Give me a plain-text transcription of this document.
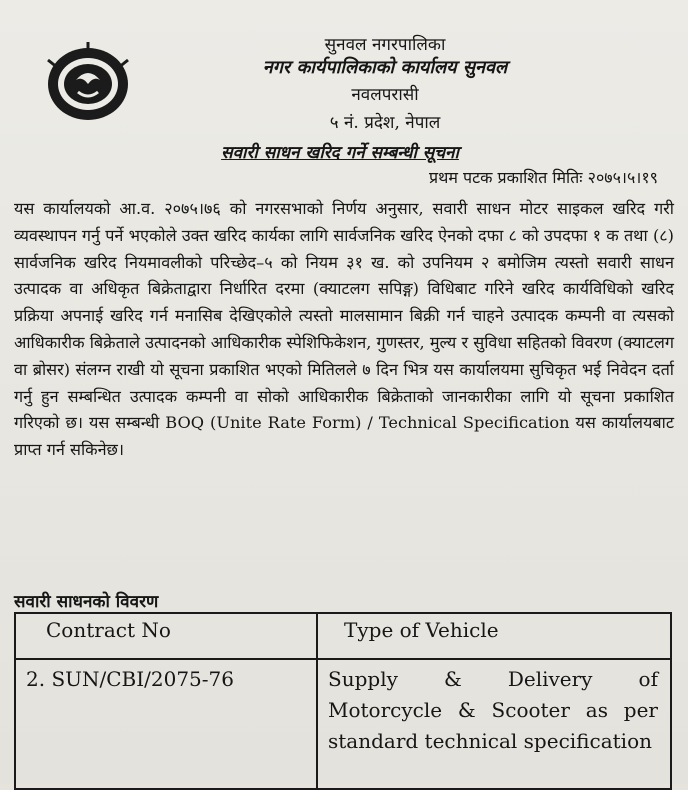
सुनवल नगरपालिका
नगर कार्यपालिकाको कार्यालय सुनवल
नवलपरासी
५ नं. प्रदेश, नेपाल
सवारी साधन खरिद गर्ने सम्बन्धी सूचना
प्रथम पटक प्रकाशित मितिः २०७५।५।१९
यस कार्यालयको आ.व. २०७५।७६ को नगरसभाको निर्णय अनुसार, सवारी साधन मोटर साइकल खरिद गरी व्यवस्थापन गर्नु पर्ने भएकोले उक्त खरिद कार्यका लागि सार्वजनिक खरिद ऐनको दफा ८ को उपदफा १ क तथा (८) सार्वजनिक खरिद नियमावलीको परिच्छेद–५ को नियम ३१ ख. को उपनियम २ बमोजिम त्यस्तो सवारी साधन उत्पादक वा अधिकृत बिक्रेताद्वारा निर्धारित दरमा (क्याटलग सपिङ्ग) विधिबाट गरिने खरिद कार्यविधिको खरिद प्रक्रिया अपनाई खरिद गर्न मनासिब देखिएकोले त्यस्तो मालसामान बिक्री गर्न चाहने उत्पादक कम्पनी वा त्यसको आधिकारीक बिक्रेताले उत्पादनको आधिकारीक स्पेशिफिकेशन, गुणस्तर, मुल्य र सुविधा सहितको विवरण (क्याटलग वा ब्रोसर) संलग्न राखी यो सूचना प्रकाशित भएको मितिलले ७ दिन भित्र यस कार्यालयमा सुचिकृत भई निवेदन दर्ता गर्नु हुन सम्बन्धित उत्पादक कम्पनी वा सोको आधिकारीक बिक्रेताको जानकारीका लागि यो सूचना प्रकाशित गरिएको छ। यस सम्बन्धी BOQ (Unite Rate Form) / Technical Specification यस कार्यालयबाट प्राप्त गर्न सकिनेछ।
सवारी साधनको विवरण
Contract No	Type of Vehicle
2. SUN/CBI/2075-76	Supply & Delivery of Motorcycle & Scooter as per standard technical specification
